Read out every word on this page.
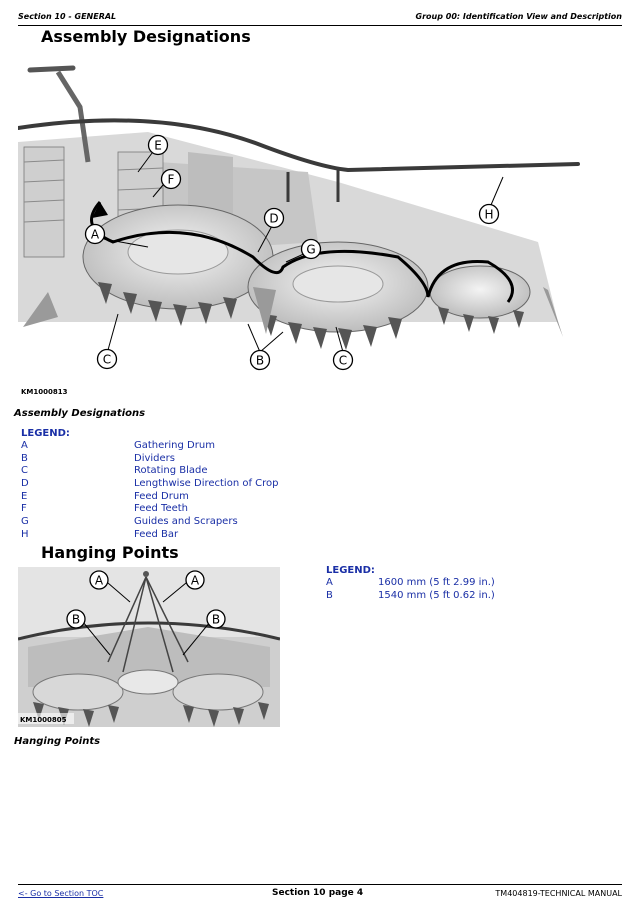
Section 10 - GENERAL	Group 00: Identification View and Description
Assembly Designations
A
B
C	C
D
E
F
G
H
KM1000813
Assembly Designations
LEGEND:
A	Gathering Drum
B	Dividers
C	Rotating Blade
D	Lengthwise Direction of Crop
E	Feed Drum
F	Feed Teeth
G	Guides and Scrapers
H	Feed Bar
Hanging Points
A	A
B	B
KM1000805
Hanging Points
LEGEND:
A	1600 mm (5 ft 2.99 in.)
B	1540 mm (5 ft 0.62 in.)
<- Go to Section TOC	Section 10 page 4	TM404819-TECHNICAL MANUAL
